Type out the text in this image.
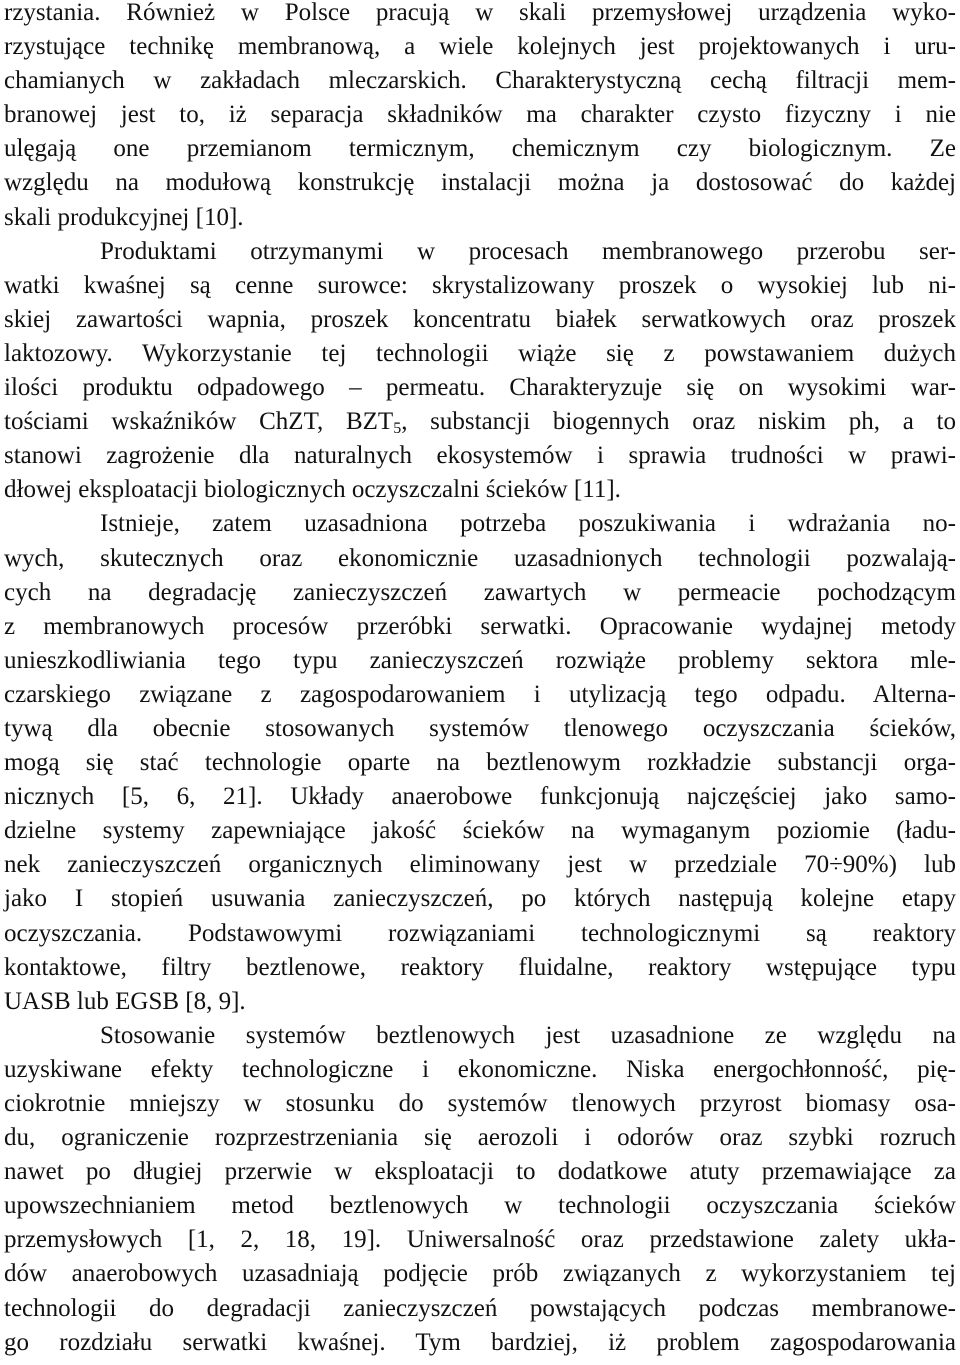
rzystania. Również w Polsce pracują w skali przemysłowej urządzenia wyko-
rzystujące technikę membranową, a wiele kolejnych jest projektowanych i uru-
chamianych w zakładach mleczarskich. Charakterystyczną cechą filtracji mem-
branowej jest to, iż separacja składników ma charakter czysto fizyczny i nie
ulęgają one przemianom termicznym, chemicznym czy biologicznym. Ze
względu na modułową konstrukcję instalacji można ja dostosować do każdej
skali produkcyjnej [10].
Produktami otrzymanymi w procesach membranowego przerobu ser-
watki kwaśnej są cenne surowce: skrystalizowany proszek o wysokiej lub ni-
skiej zawartości wapnia, proszek koncentratu białek serwatkowych oraz proszek
laktozowy. Wykorzystanie tej technologii wiąże się z powstawaniem dużych
ilości produktu odpadowego – permeatu. Charakteryzuje się on wysokimi war-
tościami wskaźników ChZT, $BZT_5$, substancji biogennych oraz niskim ph, a to
stanowi zagrożenie dla naturalnych ekosystemów i sprawia trudności w prawi-
dłowej eksploatacji biologicznych oczyszczalni ścieków [11].
Istnieje, zatem uzasadniona potrzeba poszukiwania i wdrażania no-
wych, skutecznych oraz ekonomicznie uzasadnionych technologii pozwalają-
cych na degradację zanieczyszczeń zawartych w permeacie pochodzącym
z membranowych procesów przeróbki serwatki. Opracowanie wydajnej metody
unieszkodliwiania tego typu zanieczyszczeń rozwiąże problemy sektora mle-
czarskiego związane z zagospodarowaniem i utylizacją tego odpadu. Alterna-
tywą dla obecnie stosowanych systemów tlenowego oczyszczania ścieków,
mogą się stać technologie oparte na beztlenowym rozkładzie substancji orga-
nicznych [5, 6, 21]. Układy anaerobowe funkcjonują najczęściej jako samo-
dzielne systemy zapewniające jakość ścieków na wymaganym poziomie (ładu-
nek zanieczyszczeń organicznych eliminowany jest w przedziale 70÷90%) lub
jako I stopień usuwania zanieczyszczeń, po których następują kolejne etapy
oczyszczania. Podstawowymi rozwiązaniami technologicznymi są reaktory
kontaktowe, filtry beztlenowe, reaktory fluidalne, reaktory wstępujące typu
UASB lub EGSB [8, 9].
Stosowanie systemów beztlenowych jest uzasadnione ze względu na
uzyskiwane efekty technologiczne i ekonomiczne. Niska energochłonność, pię-
ciokrotnie mniejszy w stosunku do systemów tlenowych przyrost biomasy osa-
du, ograniczenie rozprzestrzeniania się aerozoli i odorów oraz szybki rozruch
nawet po długiej przerwie w eksploatacji to dodatkowe atuty przemawiające za
upowszechnianiem metod beztlenowych w technologii oczyszczania ścieków
przemysłowych [1, 2, 18, 19]. Uniwersalność oraz przedstawione zalety ukła-
dów anaerobowych uzasadniają podjęcie prób związanych z wykorzystaniem tej
technologii do degradacji zanieczyszczeń powstających podczas membranowe-
go rozdziału serwatki kwaśnej. Tym bardziej, iż problem zagospodarowania
